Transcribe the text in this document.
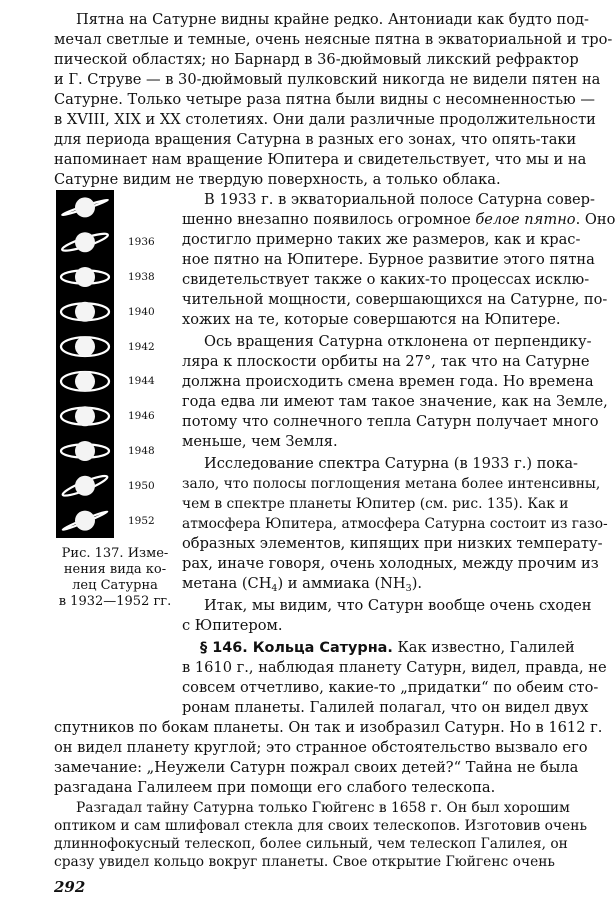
Пятна на Сатурне видны крайне редко. Антониади как будто под-

мечал светлые и темные, очень неясные пятна в экваториальной и тро-

пической областях; но Барнард в 36-дюймовый ликский рефрактор

и Г. Струве — в 30-дюймовый пулковский никогда не видели пятен на

Сатурне. Только четыре раза пятна были видны с несомненностью —

в XVIII, XIX и XX столетиях. Они дали различные продолжительности

для периода вращения Сатурна в разных его зонах, что опять-таки

напоминает нам вращение Юпитера и свидетельствует, что мы и на

Сатурне видим не твердую поверхность, а только облака.

1936
1938
1940
1942
1944
1946
1948
1950
1952

В 1933 г. в экваториальной полосе Сатурна совер-

шенно внезапно появилось огромное белое пятно. Оно

достигло примерно таких же размеров, как и крас-

ное пятно на Юпитере. Бурное развитие этого пятна

свидетельствует также о каких-то процессах исклю-

чительной мощности, совершающихся на Сатурне, по-

хожих на те, которые совершаются на Юпитере.

Ось вращения Сатурна отклонена от перпендику-

ляра к плоскости орбиты на 27°, так что на Сатурне

должна происходить смена времен года. Но времена

года едва ли имеют там такое значение, как на Земле,

потому что солнечного тепла Сатурн получает много

меньше, чем Земля.

Исследование спектра Сатурна (в 1933 г.) пока-

зало, что полосы поглощения метана более интенсивны,

чем в спектре планеты Юпитер (см. рис. 135). Как и

атмосфера Юпитера, атмосфера Сатурна состоит из газо-

образных элементов, кипящих при низких температу-

рах, иначе говоря, очень холодных, между прочим из

метана $(CH_4)$ и аммиака $(NH_3)$.

Итак, мы видим, что Сатурн вообще очень сходен

с Юпитером.

Рис. 137. Изме-
нения вида ко-
лец Сатурна
в 1932—1952 гг.

§ 146. Кольца Сатурна. Как известно, Галилей

в 1610 г., наблюдая планету Сатурн, видел, правда, не

совсем отчетливо, какие-то „придатки“ по обеим сто-

ронам планеты. Галилей полагал, что он видел двух

спутников по бокам планеты. Он так и изобразил Сатурн. Но в 1612 г.

он видел планету круглой; это странное обстоятельство вызвало его

замечание: „Неужели Сатурн пожрал своих детей?“ Тайна не была

разгадана Галилеем при помощи его слабого телескопа.

Разгадал тайну Сатурна только Гюйгенс в 1658 г. Он был хорошим

оптиком и сам шлифовал стекла для своих телескопов. Изготовив очень

длиннофокусный телескоп, более сильный, чем телескоп Галилея, он

сразу увидел кольцо вокруг планеты. Свое открытие Гюйгенс очень

292
